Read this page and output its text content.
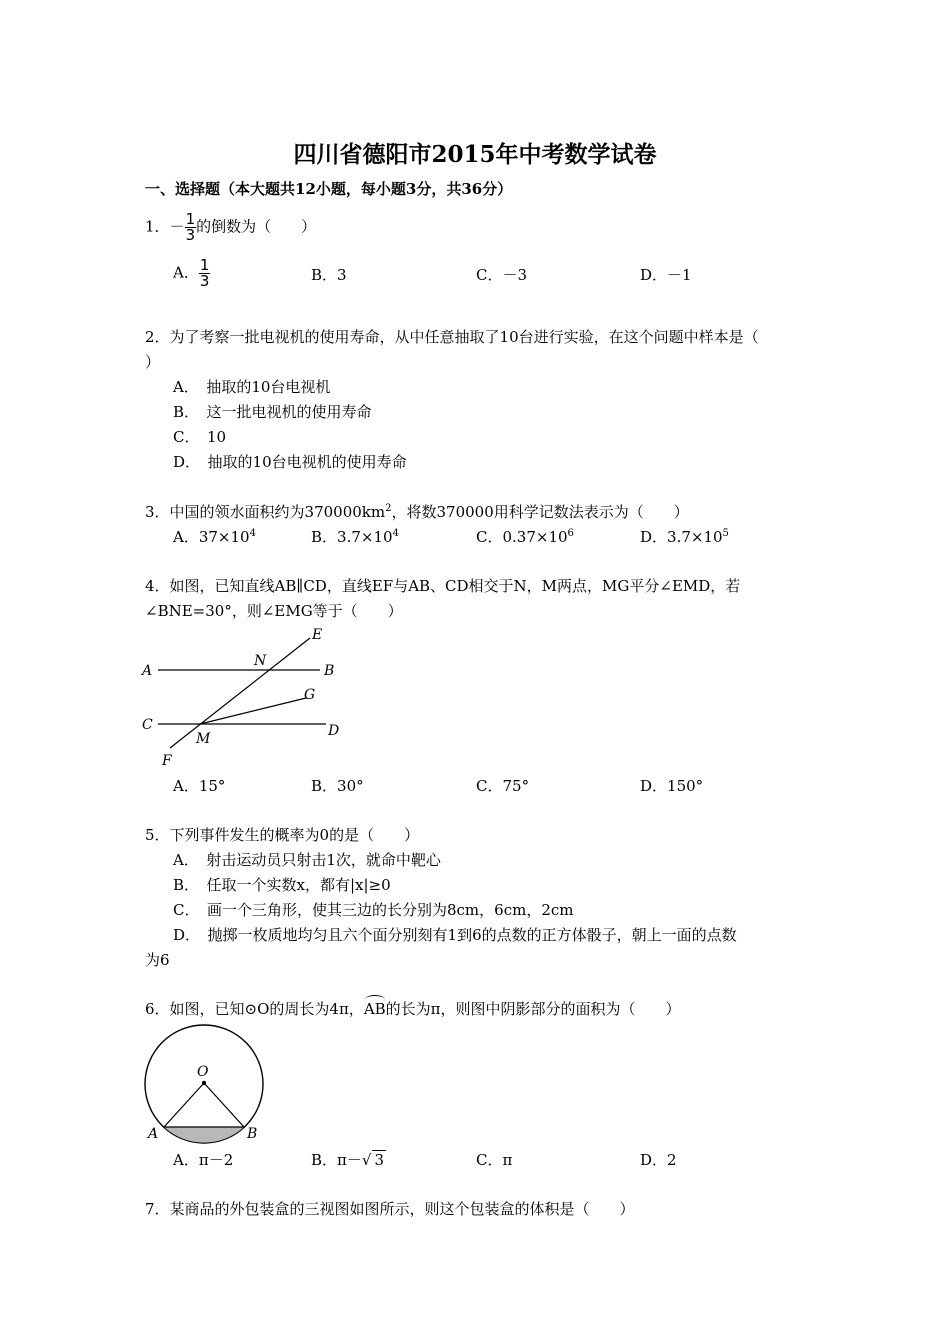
四川省德阳市2015年中考数学试卷
一、选择题（本大题共12小题，每小题3分，共36分）
1．－ $\frac{1}{3}$ 的倒数为（　　）
A． $\frac{1}{3}$	B．3	C．－3	D．－1
2．为了考察一批电视机的使用寿命，从中任意抽取了10台进行实验，在这个问题中样本是（
）
A．　抽取的10台电视机
B．　这一批电视机的使用寿命
C．　10
D．　抽取的10台电视机的使用寿命
3．中国的领水面积约为$370000km^2$，将数370000用科学记数法表示为（　　）
A．$37\times 10^4$	B．$3.7\times 10^4$	C．$0.37\times 10^6$	D．$3.7\times 10^5$
4．如图，已知直线AB∥CD，直线EF与AB、CD相交于N，M两点，MG平分∠EMD，若
∠BNE=30°，则∠EMG等于（　　）
A	B
C	D
E
F
G
M
N
A．15°	B．30°	C．75°	D．150°
5．下列事件发生的概率为0的是（　　）
A．　射击运动员只射击1次，就命中靶心
B．　任取一个实数x，都有|x|≥0
C．　画一个三角形，使其三边的长分别为8cm，6cm，2cm
D．　抛掷一枚质地均匀且六个面分别刻有1到6的点数的正方体骰子，朝上一面的点数
为6
6．如图，已知⊙O的周长为4π，AB的长为π，则图中阴影部分的面积为（　　）
O
A	B
A．π－2	B．π－√ 3	C．π	D．2
7．某商品的外包装盒的三视图如图所示，则这个包装盒的体积是（　　）
